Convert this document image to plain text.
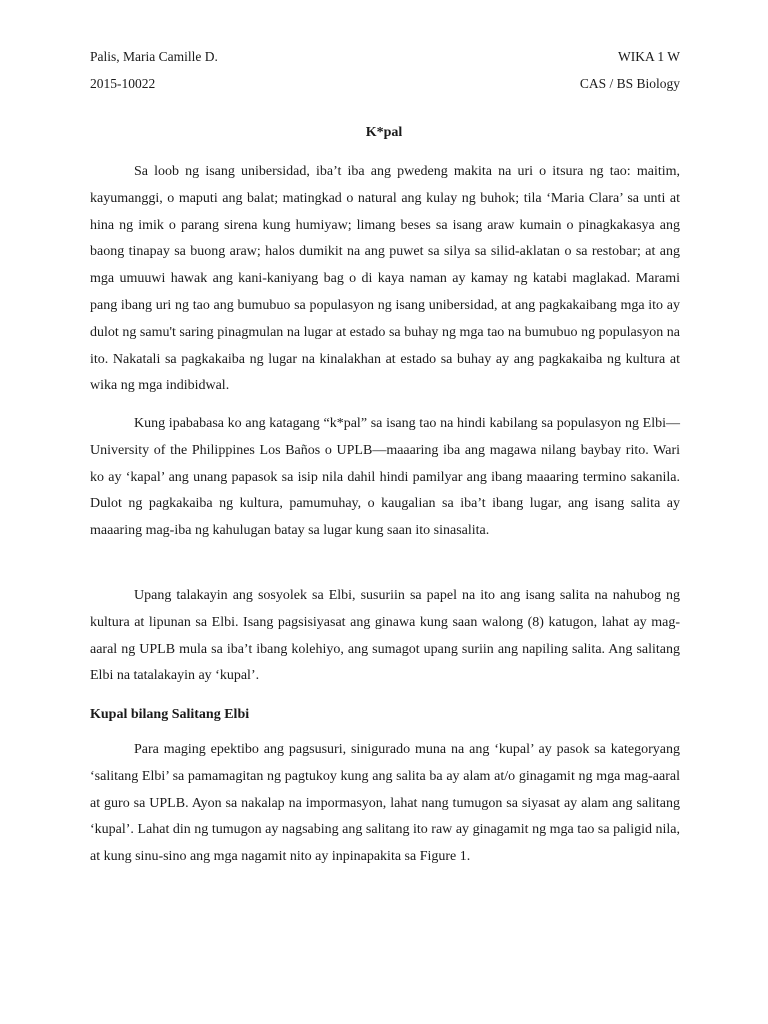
Palis, Maria Camille D.	WIKA 1 W
2015-10022	CAS / BS Biology
K*pal

Sa loob ng isang unibersidad, iba’t iba ang pwedeng makita na uri o itsura ng tao: maitim, kayumanggi, o maputi ang balat; matingkad o natural ang kulay ng buhok; tila ‘Maria Clara’ sa unti at hina ng imik o parang sirena kung humiyaw; limang beses sa isang araw kumain o pinagkakasya ang baong tinapay sa buong araw; halos dumikit na ang puwet sa silya sa silid-aklatan o sa restobar; at ang mga umuuwi hawak ang kani-kaniyang bag o di kaya naman ay kamay ng katabi maglakad. Marami pang ibang uri ng tao ang bumubuo sa populasyon ng isang unibersidad, at ang pagkakaibang mga ito ay dulot ng samu't saring pinagmulan na lugar at estado sa buhay ng mga tao na bumubuo ng populasyon na ito. Nakatali sa pagkakaiba ng lugar na kinalakhan at estado sa buhay ay ang pagkakaiba ng kultura at wika ng mga indibidwal.

Kung ipababasa ko ang katagang “k*pal” sa isang tao na hindi kabilang sa populasyon ng Elbi—University of the Philippines Los Baños o UPLB—maaaring iba ang magawa nilang baybay rito. Wari ko ay ‘kapal’ ang unang papasok sa isip nila dahil hindi pamilyar ang ibang maaaring termino sakanila. Dulot ng pagkakaiba ng kultura, pamumuhay, o kaugalian sa iba’t ibang lugar, ang isang salita ay maaaring mag-iba ng kahulugan batay sa lugar kung saan ito sinasalita.

Upang talakayin ang sosyolek sa Elbi, susuriin sa papel na ito ang isang salita na nahubog ng kultura at lipunan sa Elbi. Isang pagsisiyasat ang ginawa kung saan walong (8) katugon, lahat ay mag-aaral ng UPLB mula sa iba’t ibang kolehiyo, ang sumagot upang suriin ang napiling salita. Ang salitang Elbi na tatalakayin ay ‘kupal’.

Kupal bilang Salitang Elbi

Para maging epektibo ang pagsusuri, sinigurado muna na ang ‘kupal’ ay pasok sa kategoryang ‘salitang Elbi’ sa pamamagitan ng pagtukoy kung ang salita ba ay alam at/o ginagamit ng mga mag-aaral at guro sa UPLB. Ayon sa nakalap na impormasyon, lahat nang tumugon sa siyasat ay alam ang salitang ‘kupal’. Lahat din ng tumugon ay nagsabing ang salitang ito raw ay ginagamit ng mga tao sa paligid nila, at kung sinu-sino ang mga nagamit nito ay inpinapakita sa Figure 1.
